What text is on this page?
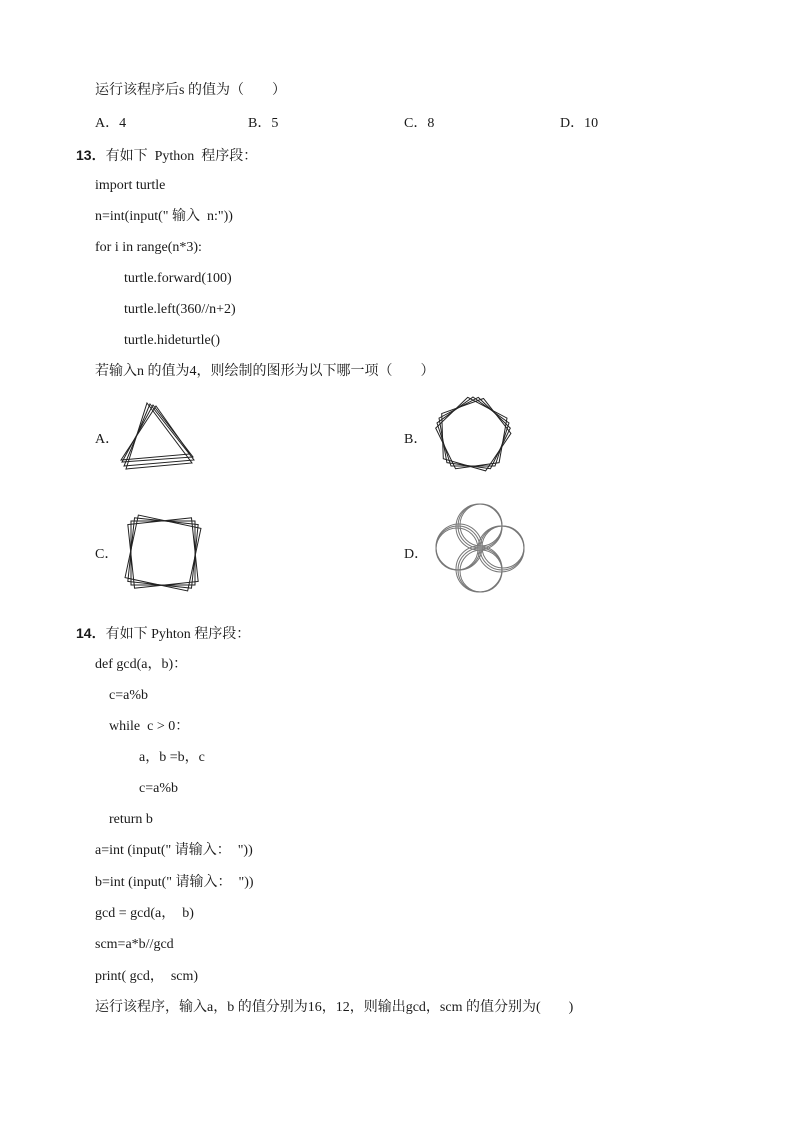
运行该程序后s 的值为（　　）
A．4	B．5	C．8	D．10
13．有如下  Python  程序段：
import turtle
n=int(input(" 输入  n:"))
for i in range(n*3):
turtle.forward(100)
turtle.left(360//n+2)
turtle.hideturtle()
若输入n 的值为4，则绘制的图形为以下哪一项（　　）
A．	B．
C．	D．
14．有如下 Pyhton 程序段：
def gcd(a，b)：
c=a%b
while  c > 0：
a，b =b，c
c=a%b
return b
a=int (input(" 请输入：  "))
b=int (input(" 请输入：  "))
gcd = gcd(a，  b)
scm=a*b//gcd
print( gcd，  scm)
运行该程序，输入a，b 的值分别为16，12，则输出gcd，scm 的值分别为(　　)
